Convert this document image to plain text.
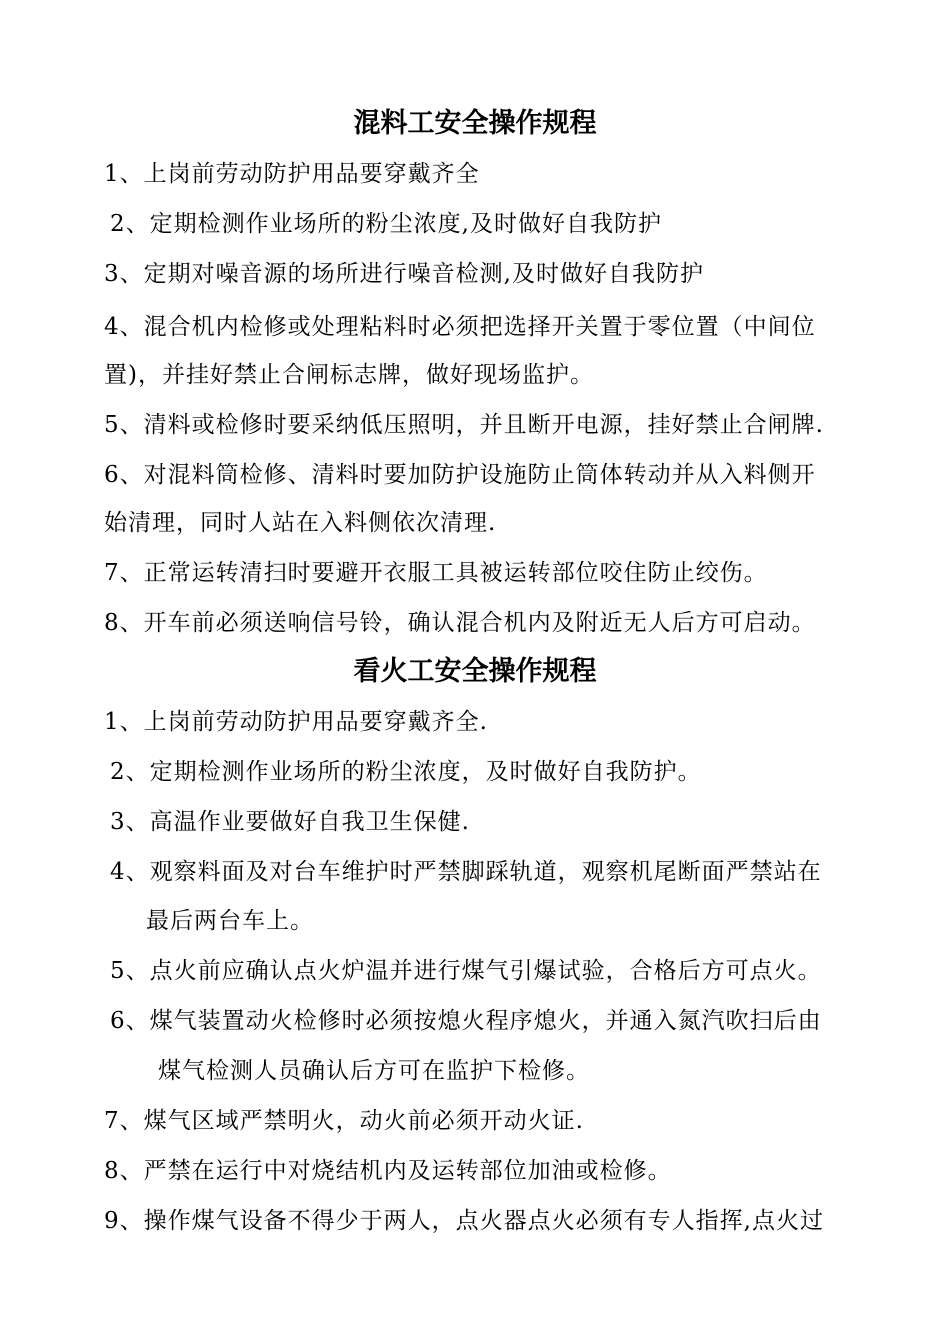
混料工安全操作规程
1、上岗前劳动防护用品要穿戴齐全
2、定期检测作业场所的粉尘浓度,及时做好自我防护
3、定期对噪音源的场所进行噪音检测,及时做好自我防护
4、混合机内检修或处理粘料时必须把选择开关置于零位置（中间位
置)，并挂好禁止合闸标志牌，做好现场监护。
5、清料或检修时要采纳低压照明，并且断开电源，挂好禁止合闸牌.
6、对混料筒检修、清料时要加防护设施防止筒体转动并从入料侧开
始清理，同时人站在入料侧依次清理.
7、正常运转清扫时要避开衣服工具被运转部位咬住防止绞伤。
8、开车前必须送响信号铃，确认混合机内及附近无人后方可启动。
看火工安全操作规程
1、上岗前劳动防护用品要穿戴齐全.
2、定期检测作业场所的粉尘浓度，及时做好自我防护。
3、高温作业要做好自我卫生保健.
4、观察料面及对台车维护时严禁脚踩轨道，观察机尾断面严禁站在
最后两台车上。
5、点火前应确认点火炉温并进行煤气引爆试验，合格后方可点火。
6、煤气装置动火检修时必须按熄火程序熄火，并通入氮汽吹扫后由
煤气检测人员确认后方可在监护下检修。
7、煤气区域严禁明火，动火前必须开动火证.
8、严禁在运行中对烧结机内及运转部位加油或检修。
9、操作煤气设备不得少于两人，点火器点火必须有专人指挥,点火过
